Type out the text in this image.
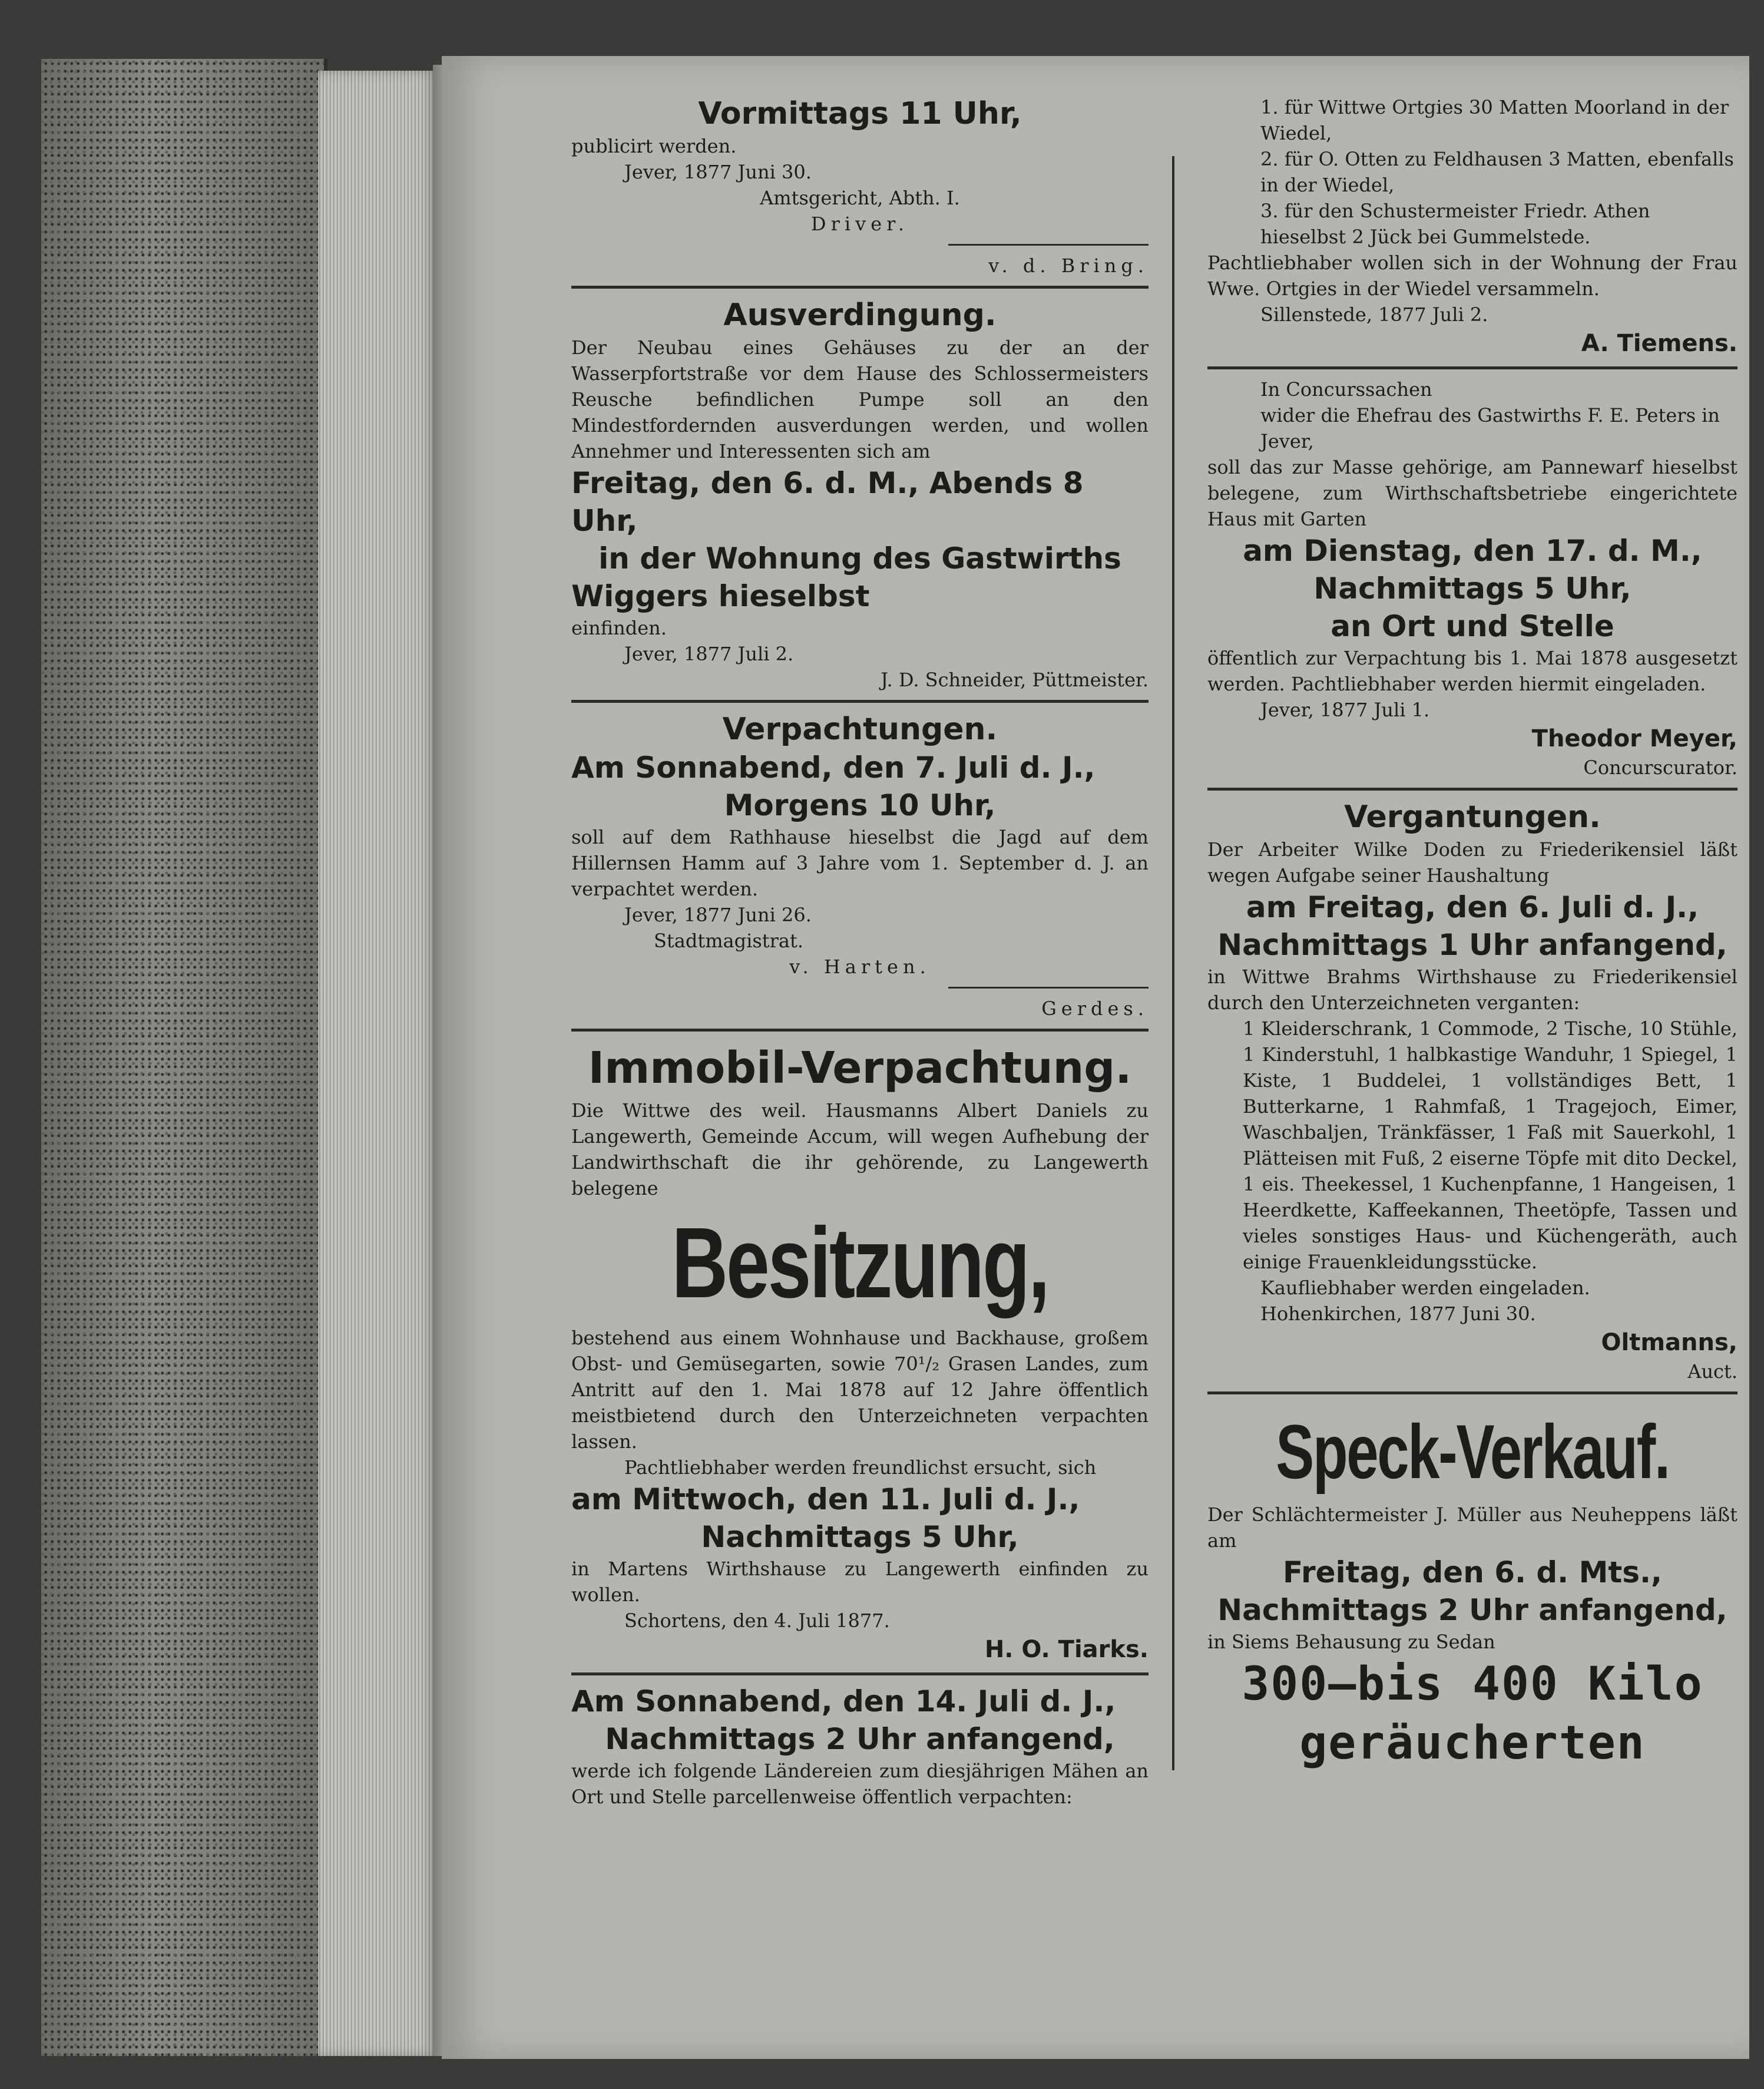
Vormittags 11 Uhr,

publicirt werden.

Jever, 1877 Juni 30.

Amtsgericht, Abth. I.

Driver.

v. d. Bring.

Ausverdingung.

Der Neubau eines Gehäuses zu der an der Wasserpfortstraße vor dem Hause des Schlossermeisters Reusche befindlichen Pumpe soll an den Mindestfordernden ausverdungen werden, und wollen Annehmer und Interessenten sich am

Freitag, den 6. d. M., Abends 8 Uhr,

in der Wohnung des Gastwirths

Wiggers hieselbst

einfinden.

Jever, 1877 Juli 2.

J. D. Schneider, Püttmeister.

Verpachtungen.

Am Sonnabend, den 7. Juli d. J.,

Morgens 10 Uhr,

soll auf dem Rathhause hieselbst die Jagd auf dem Hillernsen Hamm auf 3 Jahre vom 1. September d. J. an verpachtet werden.

Jever, 1877 Juni 26.

Stadtmagistrat.

v. Harten.

Gerdes.

Immobil-Verpachtung.

Die Wittwe des weil. Hausmanns Albert Daniels zu Langewerth, Gemeinde Accum, will wegen Aufhebung der Landwirthschaft die ihr gehörende, zu Langewerth belegene

Besitzung,

bestehend aus einem Wohnhause und Backhause, großem Obst- und Gemüsegarten, sowie 70¹/₂ Grasen Landes, zum Antritt auf den 1. Mai 1878 auf 12 Jahre öffentlich meistbietend durch den Unterzeichneten verpachten lassen.

Pachtliebhaber werden freundlichst ersucht, sich

am Mittwoch, den 11. Juli d. J.,

Nachmittags 5 Uhr,

in Martens Wirthshause zu Langewerth einfinden zu wollen.

Schortens, den 4. Juli 1877.

H. O. Tiarks.

Am Sonnabend, den 14. Juli d. J.,

Nachmittags 2 Uhr anfangend,

werde ich folgende Ländereien zum diesjährigen Mähen an Ort und Stelle parcellenweise öffentlich verpachten:

1. für Wittwe Ortgies 30 Matten Moorland in der Wiedel,

2. für O. Otten zu Feldhausen 3 Matten, ebenfalls in der Wiedel,

3. für den Schustermeister Friedr. Athen hieselbst 2 Jück bei Gummelstede.

Pachtliebhaber wollen sich in der Wohnung der Frau Wwe. Ortgies in der Wiedel versammeln.

Sillenstede, 1877 Juli 2.

A. Tiemens.

In Concurssachen

wider die Ehefrau des Gastwirths F. E. Peters in Jever,

soll das zur Masse gehörige, am Pannewarf hieselbst belegene, zum Wirthschaftsbetriebe eingerichtete Haus mit Garten

am Dienstag, den 17. d. M.,

Nachmittags 5 Uhr,

an Ort und Stelle

öffentlich zur Verpachtung bis 1. Mai 1878 ausgesetzt werden. Pachtliebhaber werden hiermit eingeladen.

Jever, 1877 Juli 1.

Theodor Meyer,

Concurscurator.

Vergantungen.

Der Arbeiter Wilke Doden zu Friederikensiel läßt wegen Aufgabe seiner Haushaltung

am Freitag, den 6. Juli d. J.,

Nachmittags 1 Uhr anfangend,

in Wittwe Brahms Wirthshause zu Friederikensiel durch den Unterzeichneten verganten:

1 Kleiderschrank, 1 Commode, 2 Tische, 10 Stühle, 1 Kinderstuhl, 1 halbkastige Wanduhr, 1 Spiegel, 1 Kiste, 1 Buddelei, 1 vollständiges Bett, 1 Butterkarne, 1 Rahmfaß, 1 Tragejoch, Eimer, Waschbaljen, Tränkfässer, 1 Faß mit Sauerkohl, 1 Plätteisen mit Fuß, 2 eiserne Töpfe mit dito Deckel, 1 eis. Theekessel, 1 Kuchenpfanne, 1 Hangeisen, 1 Heerdkette, Kaffeekannen, Theetöpfe, Tassen und vieles sonstiges Haus- und Küchengeräth, auch einige Frauenkleidungsstücke.

Kaufliebhaber werden eingeladen.

Hohenkirchen, 1877 Juni 30.

Oltmanns,

Auct.

Speck-Verkauf.

Der Schlächtermeister J. Müller aus Neuheppens läßt am

Freitag, den 6. d. Mts.,

Nachmittags 2 Uhr anfangend,

in Siems Behausung zu Sedan

300—bis 400 Kilo

geräucherten
